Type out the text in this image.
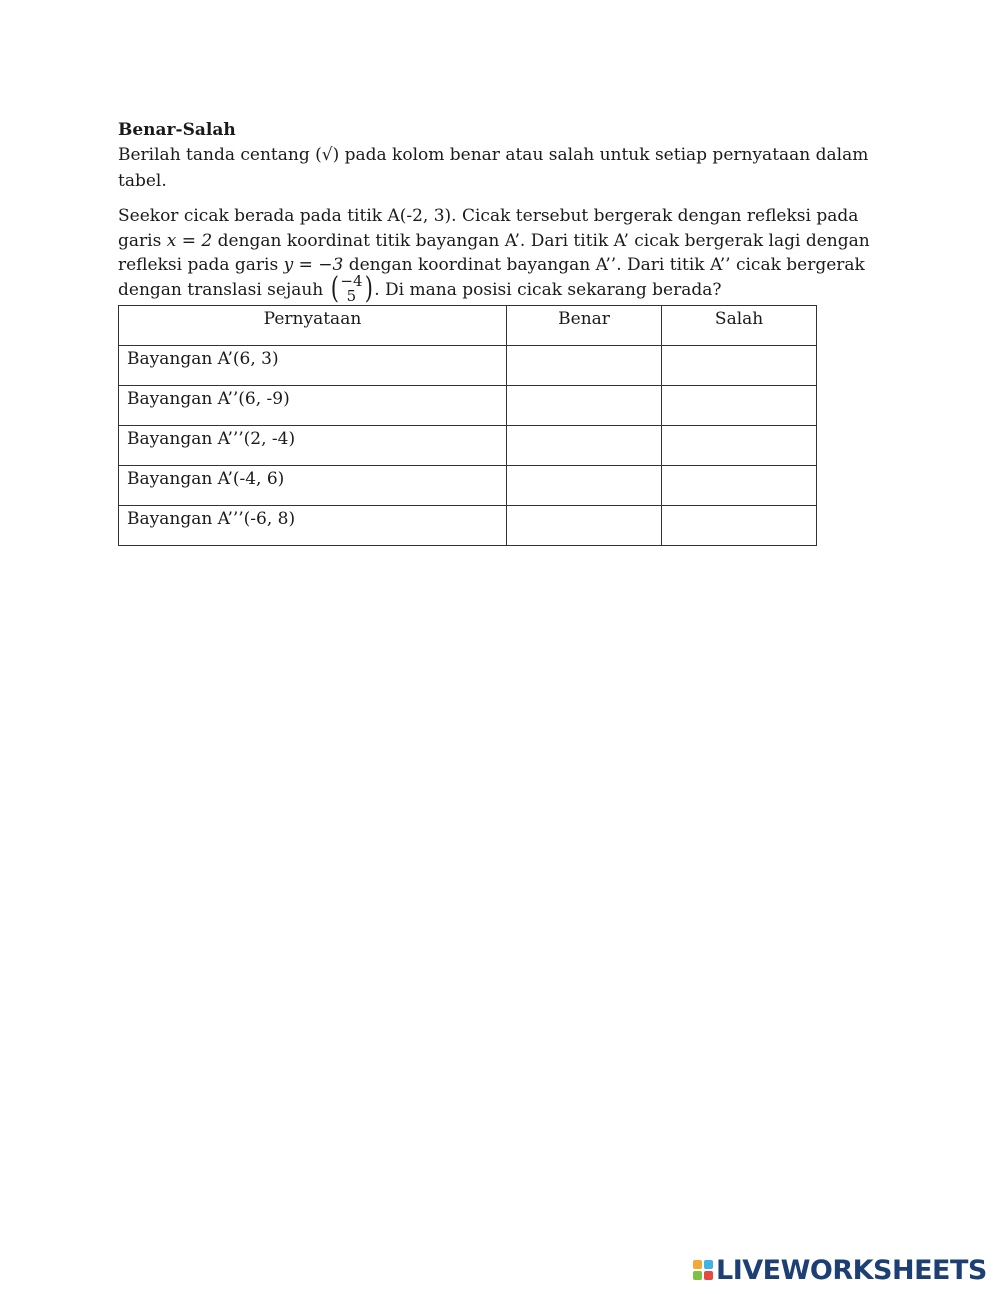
Benar-Salah

Berilah tanda centang (√) pada kolom benar atau salah untuk setiap pernyataan dalam tabel.

Seekor cicak berada pada titik A(-2, 3). Cicak tersebut bergerak dengan refleksi pada garis x = 2 dengan koordinat titik bayangan A’. Dari titik A’ cicak bergerak lagi dengan refleksi pada garis y = −3 dengan koordinat bayangan A’’. Dari titik A’’ cicak bergerak dengan translasi sejauh ( −4
5 ) . Di mana posisi cicak sekarang berada?

Pernyataan	Benar	Salah
Bayangan A’(6, 3)		
Bayangan A’’(6, -9)		
Bayangan A’’’(2, -4)		
Bayangan A’(-4, 6)		
Bayangan A’’’(-6, 8)		
LIVEWORKSHEETS
